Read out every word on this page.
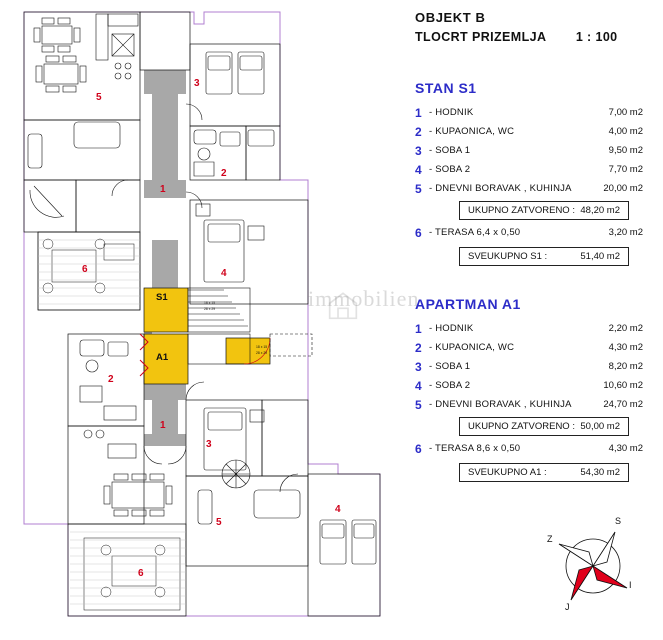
1
2
3
4
5
6
1
2
3
4
5
6
S1
A1
18 x 15
28 x 29
18 x 15
28 x 29
immobilien
OBJEKT B
TLOCRT PRIZEMLJA 1 : 100
STAN S1
1	- HODNIK	7,00 m2
2	- KUPAONICA, WC	4,00 m2
3	- SOBA 1	9,50 m2
4	- SOBA 2	7,70 m2
5	- DNEVNI BORAVAK , KUHINJA	20,00 m2
UKUPNO ZATVORENO : 48,20 m2
6	- TERASA 6,4 x 0,50	3,20 m2
SVEUKUPNO S1 :	51,40 m2
APARTMAN A1
1	- HODNIK	2,20 m2
2	- KUPAONICA, WC	4,30 m2
3	- SOBA 1	8,20 m2
4	- SOBA 2	10,60 m2
5	- DNEVNI BORAVAK , KUHINJA	24,70 m2
UKUPNO ZATVORENO : 50,00 m2
6	- TERASA 8,6 x 0,50	4,30 m2
SVEUKUPNO A1 :	54,30 m2
S
J
I
Z
